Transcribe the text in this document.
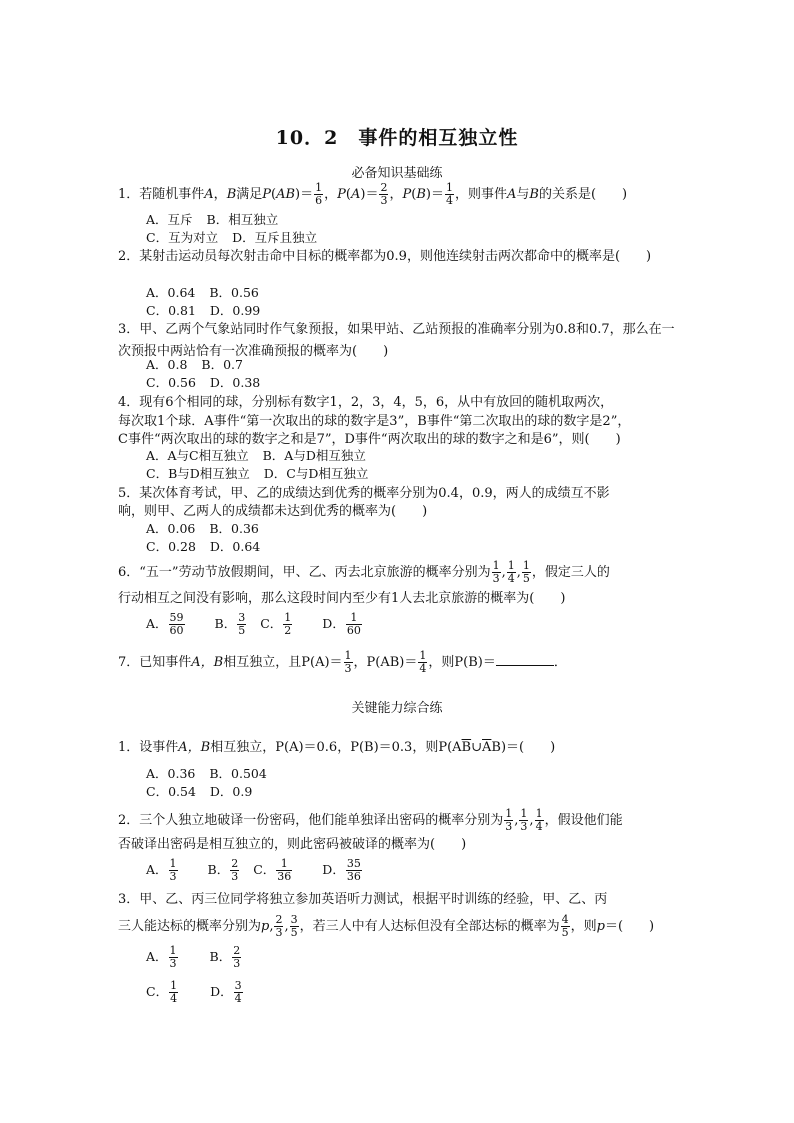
10．2　事件的相互独立性
必备知识基础练
1．若随机事件A，B满足$P(AB)= \frac{1}{6}$ ，$P(A)= \frac{2}{3}$ ，$P(B)= \frac{1}{4}$ ，则事件A与B的关系是(　　)
A．互斥 B．相互独立
C．互为对立 D．互斥且独立
2．某射击运动员每次射击命中目标的概率都为0.9，则他连续射击两次都命中的概率是(　　)
A．0.64 B．0.56
C．0.81 D．0.99
3．甲、乙两个气象站同时作气象预报，如果甲站、乙站预报的准确率分别为0.8和0.7，那么在一次预报中两站恰有一次准确预报的概率为(　　)
A．0.8 B．0.7
C．0.56 D．0.38
4．现有6个相同的球，分别标有数字1，2，3，4，5，6，从中有放回的随机取两次，
每次取1个球．A事件“第一次取出的球的数字是3”，B事件“第二次取出的球的数字是2”，
C事件“两次取出的球的数字之和是7”，D事件“两次取出的球的数字之和是6”，则(　　)
A．A与C相互独立 B．A与D相互独立
C．B与D相互独立 D．C与D相互独立
5．某次体育考试，甲、乙的成绩达到优秀的概率分别为0.4，0.9，两人的成绩互不影
响，则甲、乙两人的成绩都未达到优秀的概率为(　　)
A．0.06 B．0.36
C．0.28 D．0.64
6．“五一”劳动节放假期间，甲、乙、丙去北京旅游的概率分别为 $\frac{1}{3}$ , $\frac{1}{4}$ , $\frac{1}{5}$ ，假定三人的
行动相互之间没有影响，那么这段时间内至少有1人去北京旅游的概率为(　　)
A． $\frac{59}{60}$ B． $\frac{3}{5}$ C． $\frac{1}{2}$ D． $\frac{1}{60}$
7．已知事件A，B相互独立，且$P(A)= \frac{1}{3}$ ，$P(AB)= \frac{1}{4}$ ，则P(B)＝	．
关键能力综合练
1．设事件A，B相互独立，P(A)＝0.6，P(B)＝0.3，则$P(A\overline{B}\cup\overline{A}B)=$(　　)
A．0.36 B．0.504
C．0.54 D．0.9
2．三个人独立地破译一份密码，他们能单独译出密码的概率分别为 $\frac{1}{3}$ , $\frac{1}{3}$ , $\frac{1}{4}$ ，假设他们能
否破译出密码是相互独立的，则此密码被破译的概率为(　　)
A． $\frac{1}{3}$ B． $\frac{2}{3}$ C． $\frac{1}{36}$ D． $\frac{35}{36}$
3．甲、乙、丙三位同学将独立参加英语听力测试，根据平时训练的经验，甲、乙、丙
三人能达标的概率分别为p, $\frac{2}{3}$ , $\frac{3}{5}$ ，若三人中有人达标但没有全部达标的概率为 $\frac{4}{5}$ ，则p＝(　　)
A． $\frac{1}{3}$ B． $\frac{2}{3}$
C． $\frac{1}{4}$ D． $\frac{3}{4}$
